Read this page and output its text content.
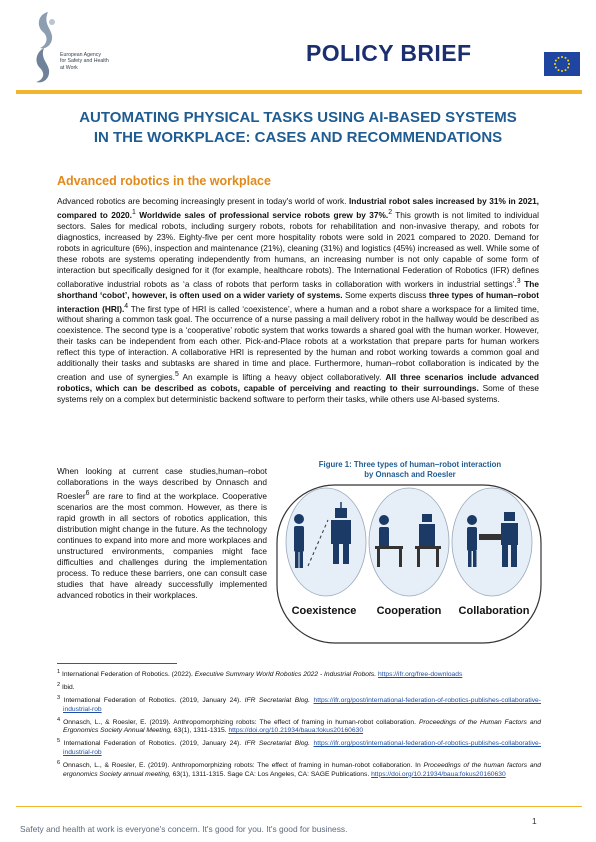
European Agency
for Safety and Health
at Work
POLICY BRIEF
AUTOMATING PHYSICAL TASKS USING AI-BASED SYSTEMS
IN THE WORKPLACE: CASES AND RECOMMENDATIONS
Advanced robotics in the workplace

Advanced robotics are becoming increasingly present in today's world of work. Industrial robot sales increased by 31% in 2021, compared to 2020.$^1$ Worldwide sales of professional service robots grew by 37%.$^2$ This growth is not limited to individual sectors. Sales for medical robots, including surgery robots, robots for rehabilitation and non-invasive therapy, and robots for diagnostics, increased by 23%. Eighty-five per cent more hospitality robots were sold in 2021 compared to 2020. Demand for robots in agriculture (6%), inspection and maintenance (21%), cleaning (31%) and logistics (45%) increased as well. While some of these robots are systems operating independently from humans, an increasing number is not only capable of some form of interaction but specifically designed for it (for example, healthcare robots). The International Federation of Robotics (IFR) defines collaborative industrial robots as ‘a class of robots that perform tasks in collaboration with workers in industrial settings’.$^3$ The shorthand ‘cobot’, however, is often used on a wider variety of systems. Some experts discuss three types of human–robot interaction (HRI).$^4$ The first type of HRI is called ‘coexistence’, where a human and a robot share a workspace for a limited time, without sharing a common task goal. The occurrence of a nurse passing a mail delivery robot in the hallway would be described as coexistence. The second type is a ‘cooperative’ robotic system that works towards a shared goal with the human worker. However, their tasks can be independent from each other. Pick-and-Place robots at a workstation that prepare parts for human workers reflect this type of interaction. A collaborative HRI is represented by the human and robot working towards a common goal and additionally their tasks and subtasks are shared in time and place. Furthermore, human–robot collaboration is indicated by the creation and use of synergies.$^5$ An example is lifting a heavy object collaboratively. All three scenarios include advanced robotics, which can be described as cobots, capable of perceiving and reacting to their surroundings. Some of these systems rely on a complex but deterministic backend software to perform their tasks, while others use AI-based systems.

When looking at current case studies,human–robot collaborations in the ways described by Onnasch and Roesler$^6$ are rare to find at the workplace. Cooperative scenarios are the most common. However, as there is rapid growth in all sectors of robotics application, this distribution might change in the future. As the technology continues to expand into more and more workplaces and unstructured environments, companies might face difficulties and challenges during the implementation process. To reduce these barriers, one can consult case studies that have already successfully implemented advanced robotics in their workplaces.

Figure 1: Three types of human–robot interaction
by Onnasch and Roesler
Coexistence Cooperation Collaboration
$^1$ International Federation of Robotics. (2022). Executive Summary World Robotics 2022 - Industrial Robots. https://ifr.org/free-downloads
$^2$ Ibid.
$^3$ International Federation of Robotics. (2019, January 24). IFR Secretariat Blog. https://ifr.org/post/international-federation-of-robotics-publishes-collaborative-industrial-rob
$^4$ Onnasch, L., & Roesler, E. (2019). Anthropomorphizing robots: The effect of framing in human-robot collaboration. Proceedings of the Human Factors and Ergonomics Society Annual Meeting, 63(1), 1311-1315. https://doi.org/10.21934/baua:fokus20160630
$^5$ International Federation of Robotics. (2019, January 24). IFR Secretariat Blog. https://ifr.org/post/international-federation-of-robotics-publishes-collaborative-industrial-rob
$^6$ Onnasch, L., & Roesler, E. (2019). Anthropomorphizing robots: The effect of framing in human-robot collaboration. In Proceedings of the human factors and ergonomics Society annual meeting, 63(1), 1311-1315. Sage CA: Los Angeles, CA: SAGE Publications. https://doi.org/10.21934/baua:fokus20160630
Safety and health at work is everyone's concern. It's good for you. It's good for business.
1
